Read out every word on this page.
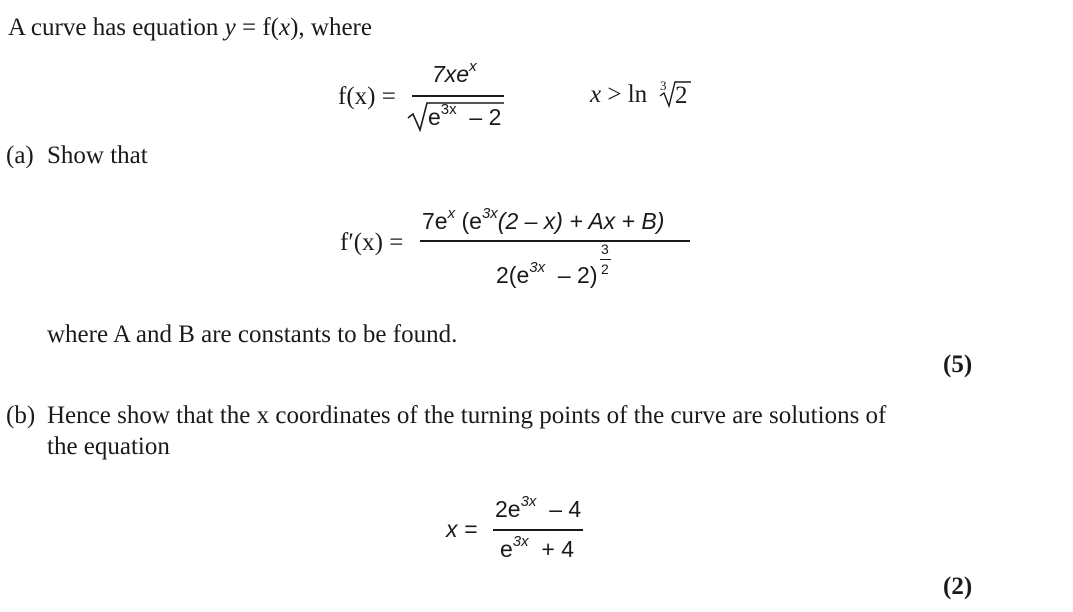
A curve has equation y = f(x), where
f(x) =
$7xe^x$
$e^{3x} - 2$
x > ln 3 2
(a) Show that
f′(x) =
$7e^x$ $(e^{3x}(2 - x) + Ax + B)$
$2(e^{3x} - 2)$
3
2
where A and B are constants to be found.
(5)
(b) Hence show that the x coordinates of the turning points of the curve are solutions of
the equation
x =
$2e^{3x} - 4$
$e^{3x} + 4$
(2)
